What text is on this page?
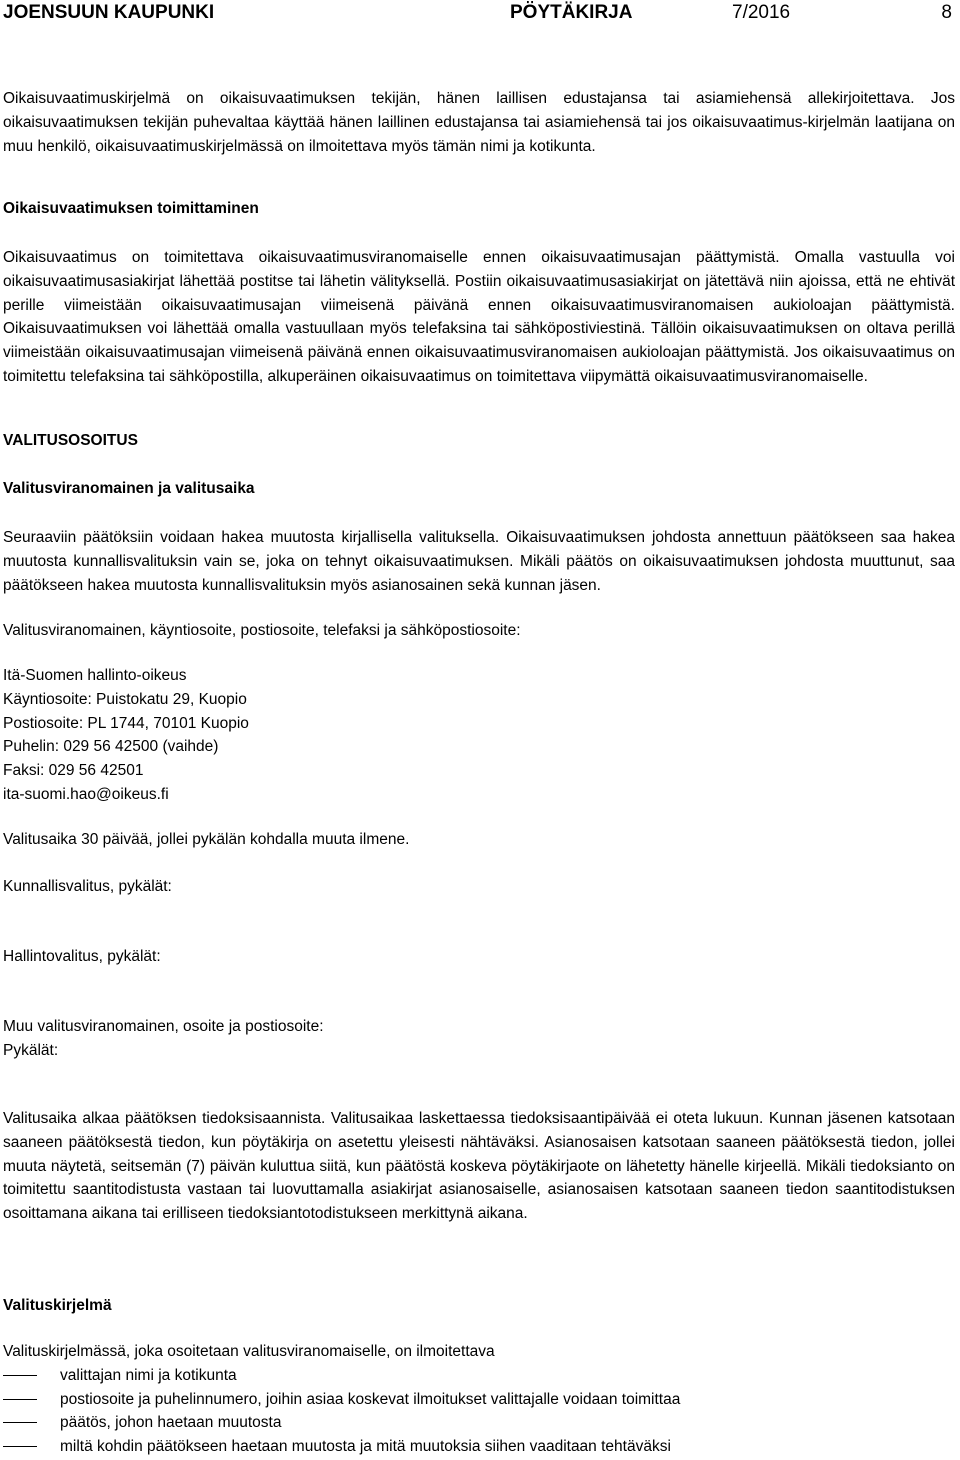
JOENSUUN KAUPUNKI	PÖYTÄKIRJA	7/2016	8

Oikaisuvaatimuskirjelmä on oikaisuvaatimuksen tekijän, hänen laillisen edustajansa tai asiamiehensä allekirjoitettava. Jos oikaisuvaatimuksen tekijän puhevaltaa käyttää hänen laillinen edustajansa tai asiamiehensä tai jos oikaisuvaatimus-kirjelmän laatijana on muu henkilö, oikaisuvaatimuskirjelmässä on ilmoitettava myös tämän nimi ja kotikunta.

Oikaisuvaatimuksen toimittaminen

Oikaisuvaatimus on toimitettava oikaisuvaatimusviranomaiselle ennen oikaisuvaatimusajan päättymistä. Omalla vastuulla voi oikaisuvaatimusasiakirjat lähettää postitse tai lähetin välityksellä. Postiin oikaisuvaatimusasiakirjat on jätettävä niin ajoissa, että ne ehtivät perille viimeistään oikaisuvaatimusajan viimeisenä päivänä ennen oikaisuvaatimusviranomaisen aukioloajan päättymistä. Oikaisuvaatimuksen voi lähettää omalla vastuullaan myös telefaksina tai sähköpostiviestinä. Tällöin oikaisuvaatimuksen on oltava perillä viimeistään oikaisuvaatimusajan viimeisenä päivänä ennen oikaisuvaatimusviranomaisen aukioloajan päättymistä. Jos oikaisuvaatimus on toimitettu telefaksina tai sähköpostilla, alkuperäinen oikaisuvaatimus on toimitettava viipymättä oikaisuvaatimusviranomaiselle.

VALITUSOSOITUS
Valitusviranomainen ja valitusaika

Seuraaviin päätöksiin voidaan hakea muutosta kirjallisella valituksella. Oikaisuvaatimuksen johdosta annettuun päätökseen saa hakea muutosta kunnallisvalituksin vain se, joka on tehnyt oikaisuvaatimuksen. Mikäli päätös on oikaisuvaatimuksen johdosta muuttunut, saa päätökseen hakea muutosta kunnallisvalituksin myös asianosainen sekä kunnan jäsen.

Valitusviranomainen, käyntiosoite, postiosoite, telefaksi ja sähköpostiosoite:
Itä-Suomen hallinto-oikeus
Käyntiosoite: Puistokatu 29, Kuopio
Postiosoite: PL 1744, 70101 Kuopio
Puhelin: 029 56 42500 (vaihde)
Faksi: 029 56 42501
ita-suomi.hao@oikeus.fi
Valitusaika 30 päivää, jollei pykälän kohdalla muuta ilmene.
Kunnallisvalitus, pykälät:
Hallintovalitus, pykälät:
Muu valitusviranomainen, osoite ja postiosoite:
Pykälät:

Valitusaika alkaa päätöksen tiedoksisaannista. Valitusaikaa laskettaessa tiedoksisaantipäivää ei oteta lukuun. Kunnan jäsenen katsotaan saaneen päätöksestä tiedon, kun pöytäkirja on asetettu yleisesti nähtäväksi. Asianosaisen katsotaan saaneen päätöksestä tiedon, jollei muuta näytetä, seitsemän (7) päivän kuluttua siitä, kun päätöstä koskeva pöytäkirjaote on lähetetty hänelle kirjeellä. Mikäli tiedoksianto on toimitettu saantitodistusta vastaan tai luovuttamalla asiakirjat asianosaiselle, asianosaisen katsotaan saaneen tiedon saantitodistuksen osoittamana aikana tai erilliseen tiedoksiantotodistukseen merkittynä aikana.

Valituskirjelmä
Valituskirjelmässä, joka osoitetaan valitusviranomaiselle, on ilmoitettava
valittajan nimi ja kotikunta
postiosoite ja puhelinnumero, joihin asiaa koskevat ilmoitukset valittajalle voidaan toimittaa
päätös, johon haetaan muutosta
miltä kohdin päätökseen haetaan muutosta ja mitä muutoksia siihen vaaditaan tehtäväksi
